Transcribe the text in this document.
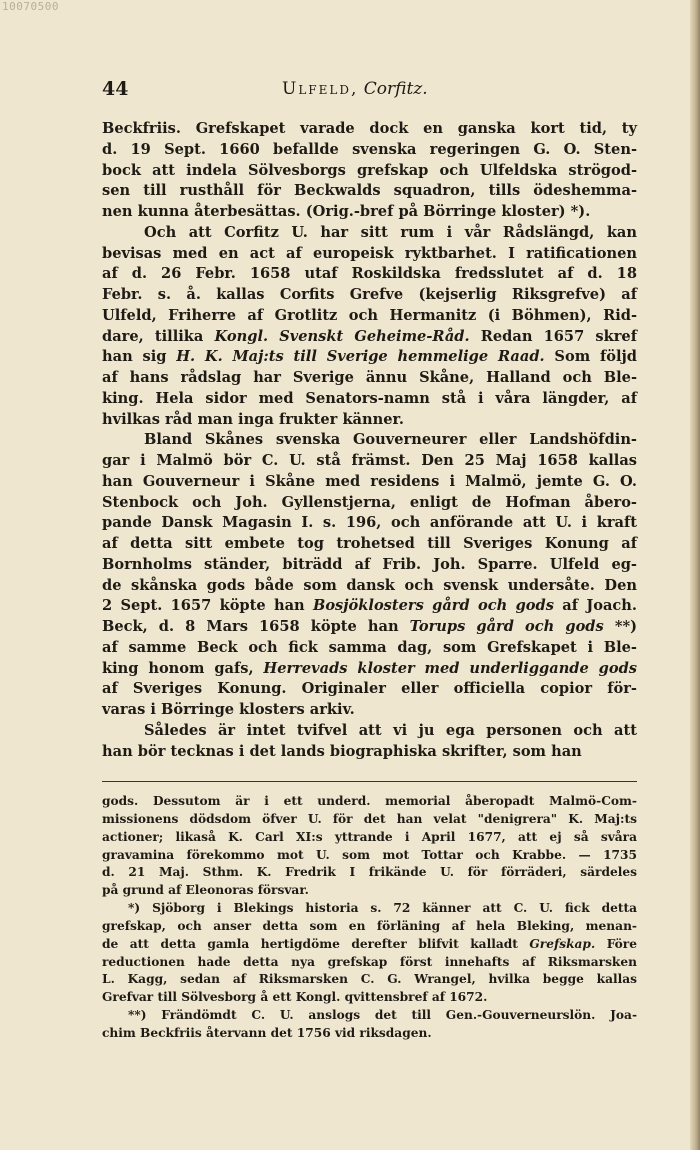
10070500
44	Ulfeld, Corfitz.
Beckfriis. Grefskapet varade dock en ganska kort tid, ty
d. 19 Sept. 1660 befallde svenska regeringen G. O. Sten-
bock att indela Sölvesborgs grefskap och Ulfeldska strögod-
sen till rusthåll för Beckwalds squadron, tills ödeshemma-
nen kunna återbesättas. (Orig.-bref på Börringe kloster) *).
Och att Corfitz U. har sitt rum i vår Rådslängd, kan
bevisas med en act af europeisk ryktbarhet. I ratificationen
af d. 26 Febr. 1658 utaf Roskildska fredsslutet af d. 18
Febr. s. å. kallas Corfits Grefve (kejserlig Riksgrefve) af
Ulfeld, Friherre af Grotlitz och Hermanitz (i Böhmen), Rid-
dare, tillika Kongl. Svenskt Geheime-Råd. Redan 1657 skref
han sig H. K. Maj:ts till Sverige hemmelige Raad. Som följd
af hans rådslag har Sverige ännu Skåne, Halland och Ble-
king. Hela sidor med Senators-namn stå i våra längder, af
hvilkas råd man inga frukter känner.
Bland Skånes svenska Gouverneurer eller Landshöfdin-
gar i Malmö bör C. U. stå främst. Den 25 Maj 1658 kallas
han Gouverneur i Skåne med residens i Malmö, jemte G. O.
Stenbock och Joh. Gyllenstjerna, enligt de Hofman åbero-
pande Dansk Magasin I. s. 196, och anförande att U. i kraft
af detta sitt embete tog trohetsed till Sveriges Konung af
Bornholms ständer, biträdd af Frib. Joh. Sparre. Ulfeld eg-
de skånska gods både som dansk och svensk undersåte. Den
2 Sept. 1657 köpte han Bosjöklosters gård och gods af Joach.
Beck, d. 8 Mars 1658 köpte han Torups gård och gods **)
af samme Beck och fick samma dag, som Grefskapet i Ble-
king honom gafs, Herrevads kloster med underliggande gods
af Sveriges Konung. Originaler eller officiella copior för-
varas i Börringe klosters arkiv.
Således är intet tvifvel att vi ju ega personen och att
han bör tecknas i det lands biographiska skrifter, som han
gods. Dessutom är i ett underd. memorial åberopadt Malmö-Com-
missionens dödsdom öfver U. för det han velat "denigrera" K. Maj:ts
actioner; likaså K. Carl XI:s yttrande i April 1677, att ej så svåra
gravamina förekommo mot U. som mot Tottar och Krabbe. — 1735
d. 21 Maj. Sthm. K. Fredrik I frikände U. för förräderi, särdeles
på grund af Eleonoras försvar.
*) Sjöborg i Blekings historia s. 72 känner att C. U. fick detta
grefskap, och anser detta som en förläning af hela Bleking, menan-
de att detta gamla hertigdöme derefter blifvit kalladt Grefskap. Före
reductionen hade detta nya grefskap först innehafts af Riksmarsken
L. Kagg, sedan af Riksmarsken C. G. Wrangel, hvilka begge kallas
Grefvar till Sölvesborg å ett Kongl. qvittensbref af 1672.
**) Frändömdt C. U. anslogs det till Gen.-Gouverneurslön. Joa-
chim Beckfriis återvann det 1756 vid riksdagen.
